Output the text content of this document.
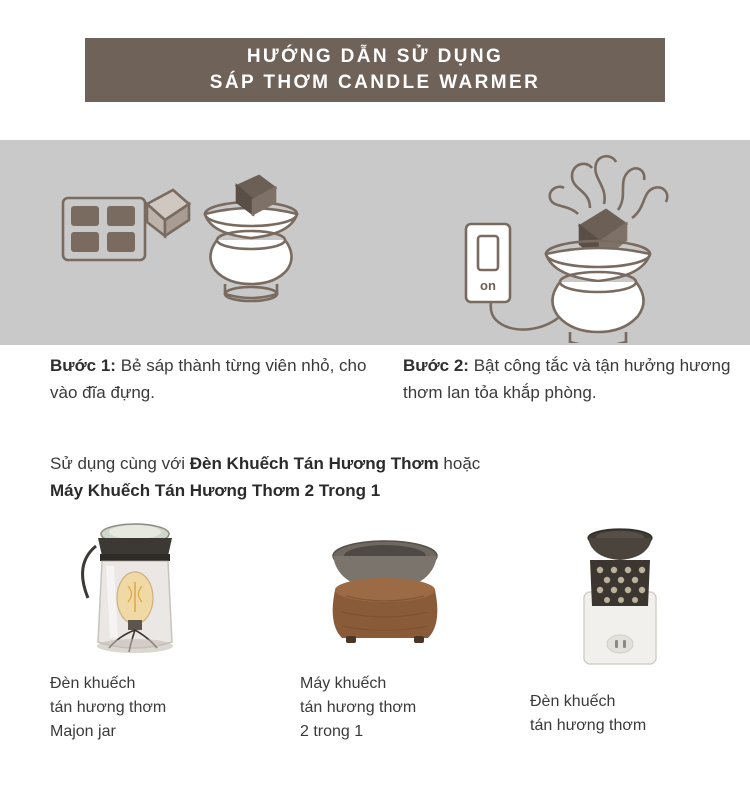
HƯỚNG DẪN SỬ DỤNG
SÁP THƠM CANDLE WARMER
on
Bước 1: Bẻ sáp thành từng viên nhỏ, cho vào đĩa đựng.
Bước 2: Bật công tắc và tận hưởng hương thơm lan tỏa khắp phòng.
Sử dụng cùng với Đèn Khuếch Tán Hương Thơm hoặc
Máy Khuếch Tán Hương Thơm 2 Trong 1
Đèn khuếch
tán hương thơm
Majon jar
Máy khuếch
tán hương thơm
2 trong 1
Đèn khuếch
tán hương thơm
